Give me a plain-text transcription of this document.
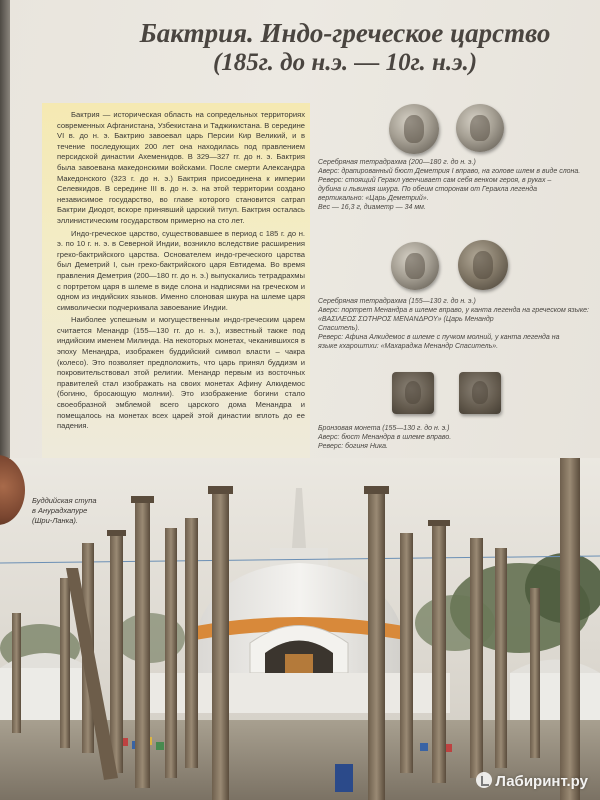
Бактрия. Индо-греческое царство
(185г. до н.э. — 10г. н.э.)

Бактрия — историческая область на сопредельных территориях современных Афганистана, Узбекистана и Таджикистана. В середине VI в. до н. э. Бактрию завоевал царь Персии Кир Великий, и в течение последующих 200 лет она находилась под правлением персидской династии Ахеменидов. В 329—327 гг. до н. э. Бактрия была завоевана македонскими войсками. После смерти Александра Македонского (323 г. до н. э.) Бактрия присоединена к империи Селевкидов. В середине III в. до н. э. на этой территории создано независимое государство, во главе которого становится сатрап Бактрии Диодот, вскоре принявший царский титул. Бактрия осталась эллинистическим государством примерно на сто лет.

Индо-греческое царство, существовавшее в период с 185 г. до н. э. по 10 г. н. э. в Северной Индии, возникло вследствие расширения греко-бактрийского царства. Основателем индо-греческого царства был Деметрий I, сын греко-бактрийского царя Евтидема. Во время правления Деметрия (200—180 гг. до н. э.) выпускались тетрадрахмы с портретом царя в шлеме в виде слона и надписями на греческом и одном из индийских языков. Именно слоновая шкура на шлеме царя символически подчеркивала завоевание Индии.

Наиболее успешным и могущественным индо-греческим царем считается Менандр (155—130 гг. до н. э.), известный также под индийским именем Милинда. На некоторых монетах, чеканившихся в эпоху Менандра, изображен буддийский символ власти – чакра (колесо). Это позволяет предположить, что царь принял буддизм и покровительствовал этой религии. Менандр первым из восточных правителей стал изображать на своих монетах Афину Алкидемос (богиню, бросающую молнии). Это изображение богини стало своеобразной эмблемой всего царского дома Менандра и помещалось на монетах всех царей этой династии вплоть до ее падения.

Серебряная тетрадрахма (200—180 г. до н. э.)
Аверс: драпированный бюст Деметрия I вправо, на голове шлем в виде слона.
Реверс: стоящий Геракл увенчивает сам себя венком героя, в руках –
дубина и львиная шкура. По обеим сторонам от Геракла легенда
вертикально: «Царь Деметрий».
Вес — 16,3 г, диаметр — 34 мм.
Серебряная тетрадрахма (155—130 г. до н. э.)
Аверс: портрет Менандра в шлеме вправо, у канта легенда на греческом языке: «ΒΑΣΙΛΕΩΣ ΣΩΤΗΡΟΣ ΜΕΝΑΝΔΡΟΥ» (Царь Менандр
Спаситель).
Реверс: Афина Алкидемос в шлеме с пучком молний, у канта легенда на
языке кхароштхи: «Махараджа Менандр Спаситель».
Бронзовая монета (155—130 г. до н. э.)
Аверс: бюст Менандра в шлеме вправо.
Реверс: богиня Ника.
Буддийская ступа
в Анурадхапуре
(Шри-Ланка).
Лабиринт.ру
